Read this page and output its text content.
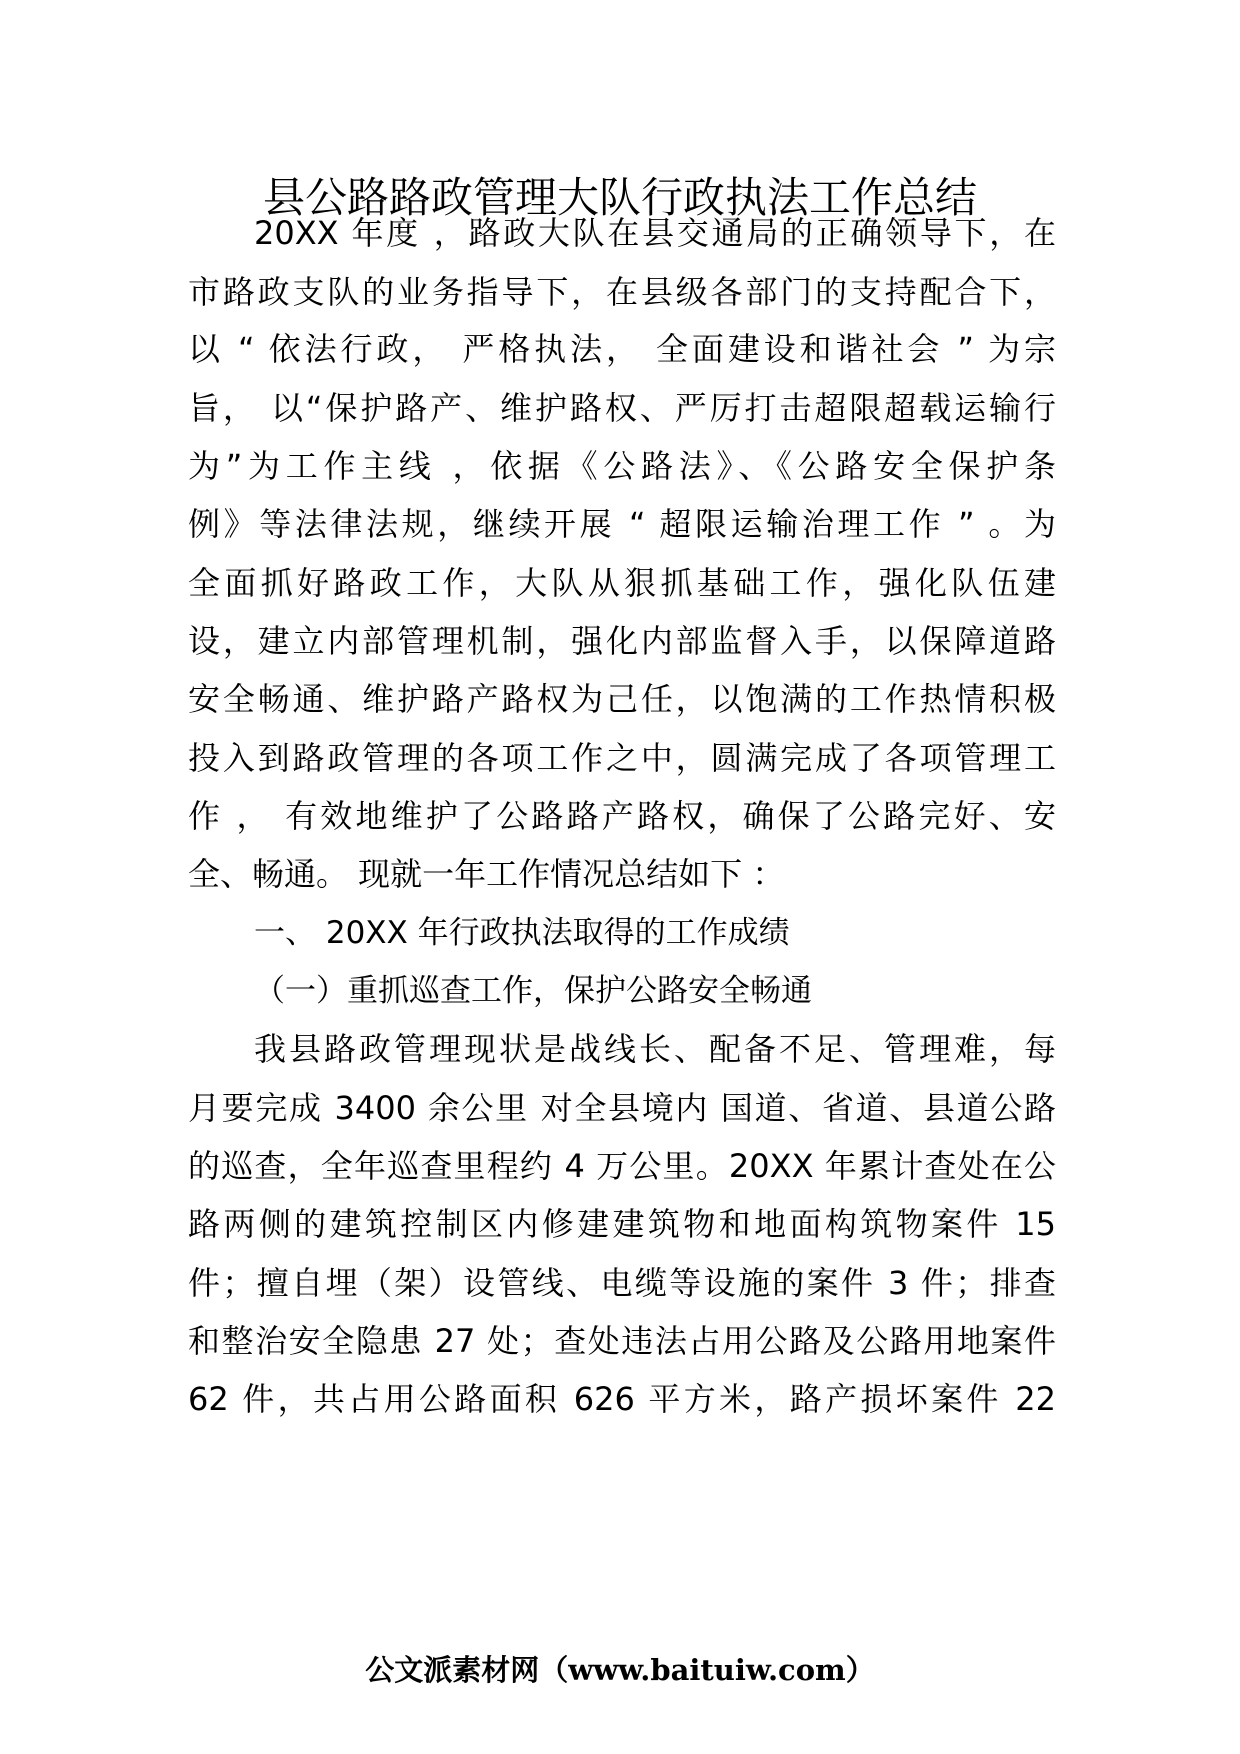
县公路路政管理大队行政执法工作总结
20XX 年度 ，路政大队在县交通局的正确领导下，在
市路政支队的业务指导下，在县级各部门的支持配合下，
以 “ 依法行政， 严格执法， 全面建设和谐社会 ” 为宗
旨， 以“保护路产、维护路权、严厉打击超限超载运输行
为”为工作主线 ，依据《公路法》、《公路安全保护条
例》等法律法规，继续开展 “ 超限运输治理工作 ” 。为
全面抓好路政工作，大队从狠抓基础工作，强化队伍建
设，建立内部管理机制，强化内部监督入手，以保障道路
安全畅通、维护路产路权为己任，以饱满的工作热情积极
投入到路政管理的各项工作之中，圆满完成了各项管理工
作 ， 有效地维护了公路路产路权，确保了公路完好、安
全、畅通。 现就一年工作情况总结如下 ：
一、 20XX 年行政执法取得的工作成绩
（一）重抓巡查工作，保护公路安全畅通
我县路政管理现状是战线长、配备不足、管理难，每
月要完成 3400 余公里 对全县境内 国道、省道、县道公路
的巡查，全年巡查里程约 4 万公里。20XX 年累计查处在公
路两侧的建筑控制区内修建建筑物和地面构筑物案件 15
件；擅自埋（架）设管线、电缆等设施的案件 3 件；排查
和整治安全隐患 27 处；查处违法占用公路及公路用地案件
62 件，共占用公路面积 626 平方米，路产损坏案件 22
公文派素材网（www.baituiw.com）
